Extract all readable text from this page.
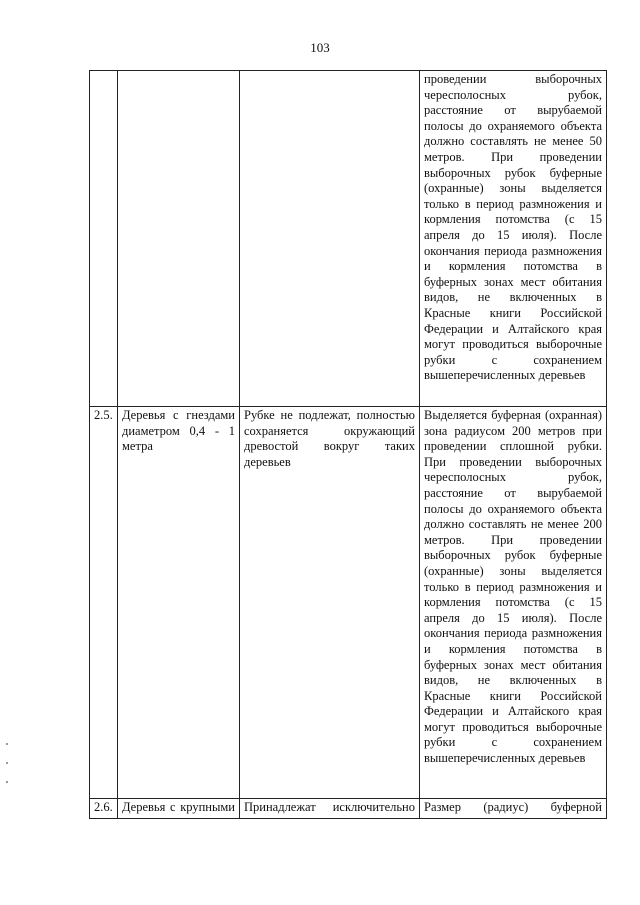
103
			проведении выборочных чересполосных рубок, расстояние от вырубаемой полосы до охраняемого объекта должно составлять не менее 50 метров. При проведении выборочных рубок буферные (охранные) зоны выделяется только в период размножения и кормления потомства (с 15 апреля до 15 июля). После окончания периода размножения и кормления потомства в буферных зонах мест обитания видов, не включенных в Красные книги Российской Федерации и Алтайского края могут проводиться выборочные рубки с сохранением вышеперечисленных деревьев
2.5.	Деревья с гнездами диаметром 0,4 - 1 метра	Рубке не подлежат, полностью сохраняется окружающий древостой вокруг таких деревьев	Выделяется буферная (охранная) зона радиусом 200 метров при проведении сплошной рубки. При проведении выборочных чересполосных рубок, расстояние от вырубаемой полосы до охраняемого объекта должно составлять не менее 200 метров. При проведении выборочных рубок буферные (охранные) зоны выделяется только в период размножения и кормления потомства (с 15 апреля до 15 июля). После окончания периода размножения и кормления потомства в буферных зонах мест обитания видов, не включенных в Красные книги Российской Федерации и Алтайского края могут проводиться выборочные рубки с сохранением вышеперечисленных деревьев
2.6.	Деревья с крупными	Принадлежат исключительно	Размер (радиус) буферной
